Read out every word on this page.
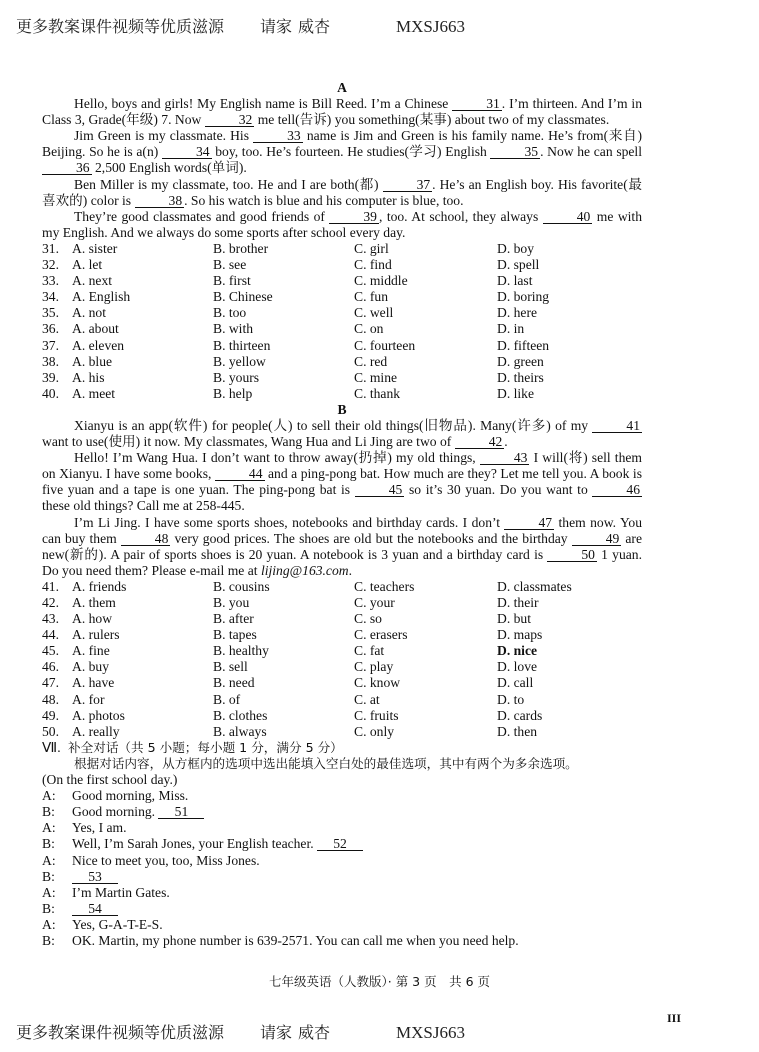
更多教案课件视频等优质滋源 请家 威杏	MXSJ663
A

Hello, boys and girls! My English name is Bill Reed. I’m a Chinese	31 . I’m thirteen. And I’m in Class 3, Grade(年级) 7. Now	32 me tell(告诉) you something(某事) about two of my classmates.

Jim Green is my classmate. His	33 name is Jim and Green is his family name. He’s from(来自) Beijing. So he is a(n)	34 boy, too. He’s fourteen. He studies(学习) English	35 . Now he can spell 36 2,500 English words(单词).

Ben Miller is my classmate, too. He and I are both(都)	37 . He’s an English boy. His favorite(最喜欢的) color is	38 . So his watch is blue and his computer is blue, too.

They’re good classmates and good friends of	39 , too. At school, they always	40 me with my English. And we always do some sports after school every day.

31. A. sister	B. brother	C. girl	D. boy
32. A. let	B. see	C. find	D. spell
33. A. next	B. first	C. middle	D. last
34. A. English	B. Chinese	C. fun	D. boring
35. A. not	B. too	C. well	D. here
36. A. about	B. with	C. on	D. in
37. A. eleven	B. thirteen	C. fourteen	D. fifteen
38. A. blue	B. yellow	C. red	D. green
39. A. his	B. yours	C. mine	D. theirs
40. A. meet	B. help	C. thank	D. like
B

Xianyu is an app(软件) for people(人) to sell their old things(旧物品). Many(许多) of my	41 want to use(使用) it now. My classmates, Wang Hua and Li Jing are two of	42 .

Hello! I’m Wang Hua. I don’t want to throw away(扔掉) my old things,	43 I will(将) sell them on Xianyu. I have some books,	44 and a ping-pong bat. How much are they? Let me tell you. A book is five yuan and a tape is one yuan. The ping-pong bat is	45 so it’s 30 yuan. Do you want to	46 these old things? Call me at 258-445.

I’m Li Jing. I have some sports shoes, notebooks and birthday cards. I don’t	47 them now. You can buy them	48 very good prices. The shoes are old but the notebooks and the birthday	49 are new(新的). A pair of sports shoes is 20 yuan. A notebook is 3 yuan and a birthday card is	50 1 yuan. Do you need them? Please e-mail me at lijing@163.com.

41. A. friends	B. cousins	C. teachers	D. classmates
42. A. them	B. you	C. your	D. their
43. A. how	B. after	C. so	D. but
44. A. rulers	B. tapes	C. erasers	D. maps
45. A. fine	B. healthy	C. fat	D. nice
46. A. buy	B. sell	C. play	D. love
47. A. have	B. need	C. know	D. call
48. A. for	B. of	C. at	D. to
49. A. photos	B. clothes	C. fruits	D. cards
50. A. really	B. always	C. only	D. then
Ⅶ. 补全对话（共 5 小题；每小题 1 分，满分 5 分）
根据对话内容，从方框内的选项中选出能填入空白处的最佳选项，其中有两个为多余选项。
(On the first school day.)
A:	Good morning, Miss.
B:	Good morning. 51
A:	Yes, I am.
B:	Well, I’m Sarah Jones, your English teacher. 52
A:	Nice to meet you, too, Miss Jones.
B:	53
A:	I’m Martin Gates.
B:	54
A:	Yes, G-A-T-E-S.
B:	OK. Martin, my phone number is 639-2571. You can call me when you need help.
七年级英语（人教版）· 第 3 页　共 6 页
III
更多教案课件视频等优质滋源 请家 威杏	MXSJ663
